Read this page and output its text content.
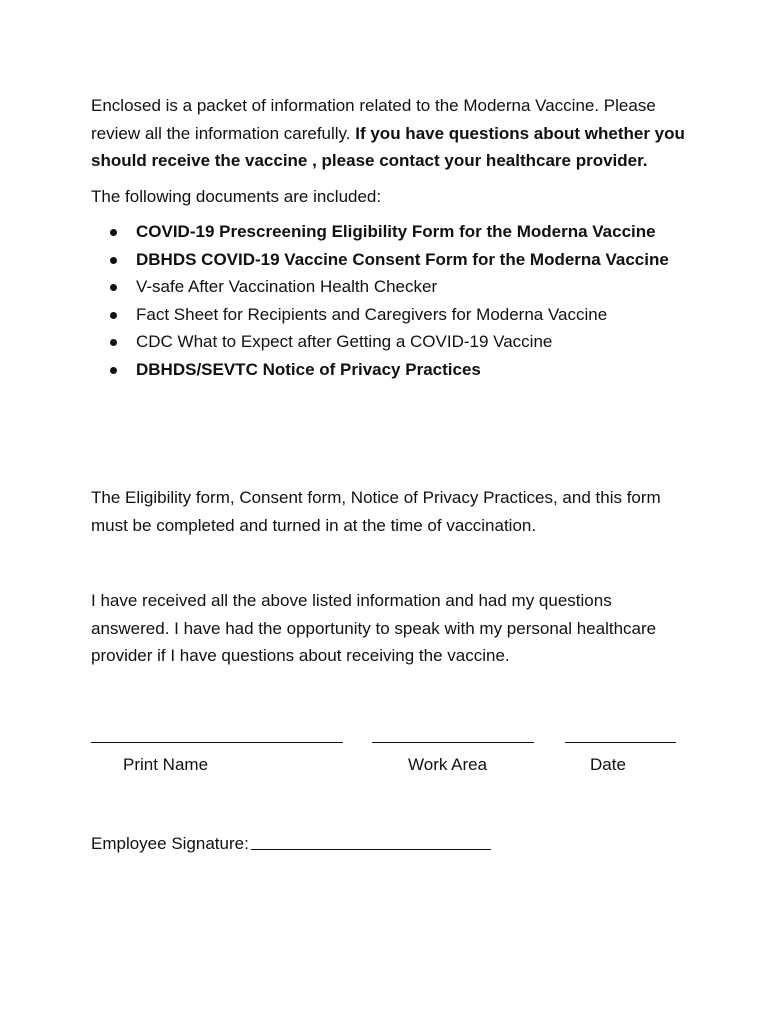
Enclosed is a packet of information related to the Moderna Vaccine. Please review all the information carefully. If you have questions about whether you should receive the vaccine , please contact your healthcare provider.

The following documents are included:

COVID-19 Prescreening Eligibility Form for the Moderna Vaccine
DBHDS COVID-19 Vaccine Consent Form for the Moderna Vaccine
V-safe After Vaccination Health Checker
Fact Sheet for Recipients and Caregivers for Moderna Vaccine
CDC What to Expect after Getting a COVID-19 Vaccine
DBHDS/SEVTC Notice of Privacy Practices

The Eligibility form, Consent form, Notice of Privacy Practices, and this form must be completed and turned in at the time of vaccination.

I have received all the above listed information and had my questions answered. I have had the opportunity to speak with my personal healthcare provider if I have questions about receiving the vaccine.

Print Name	Work Area	Date
Employee Signature:
